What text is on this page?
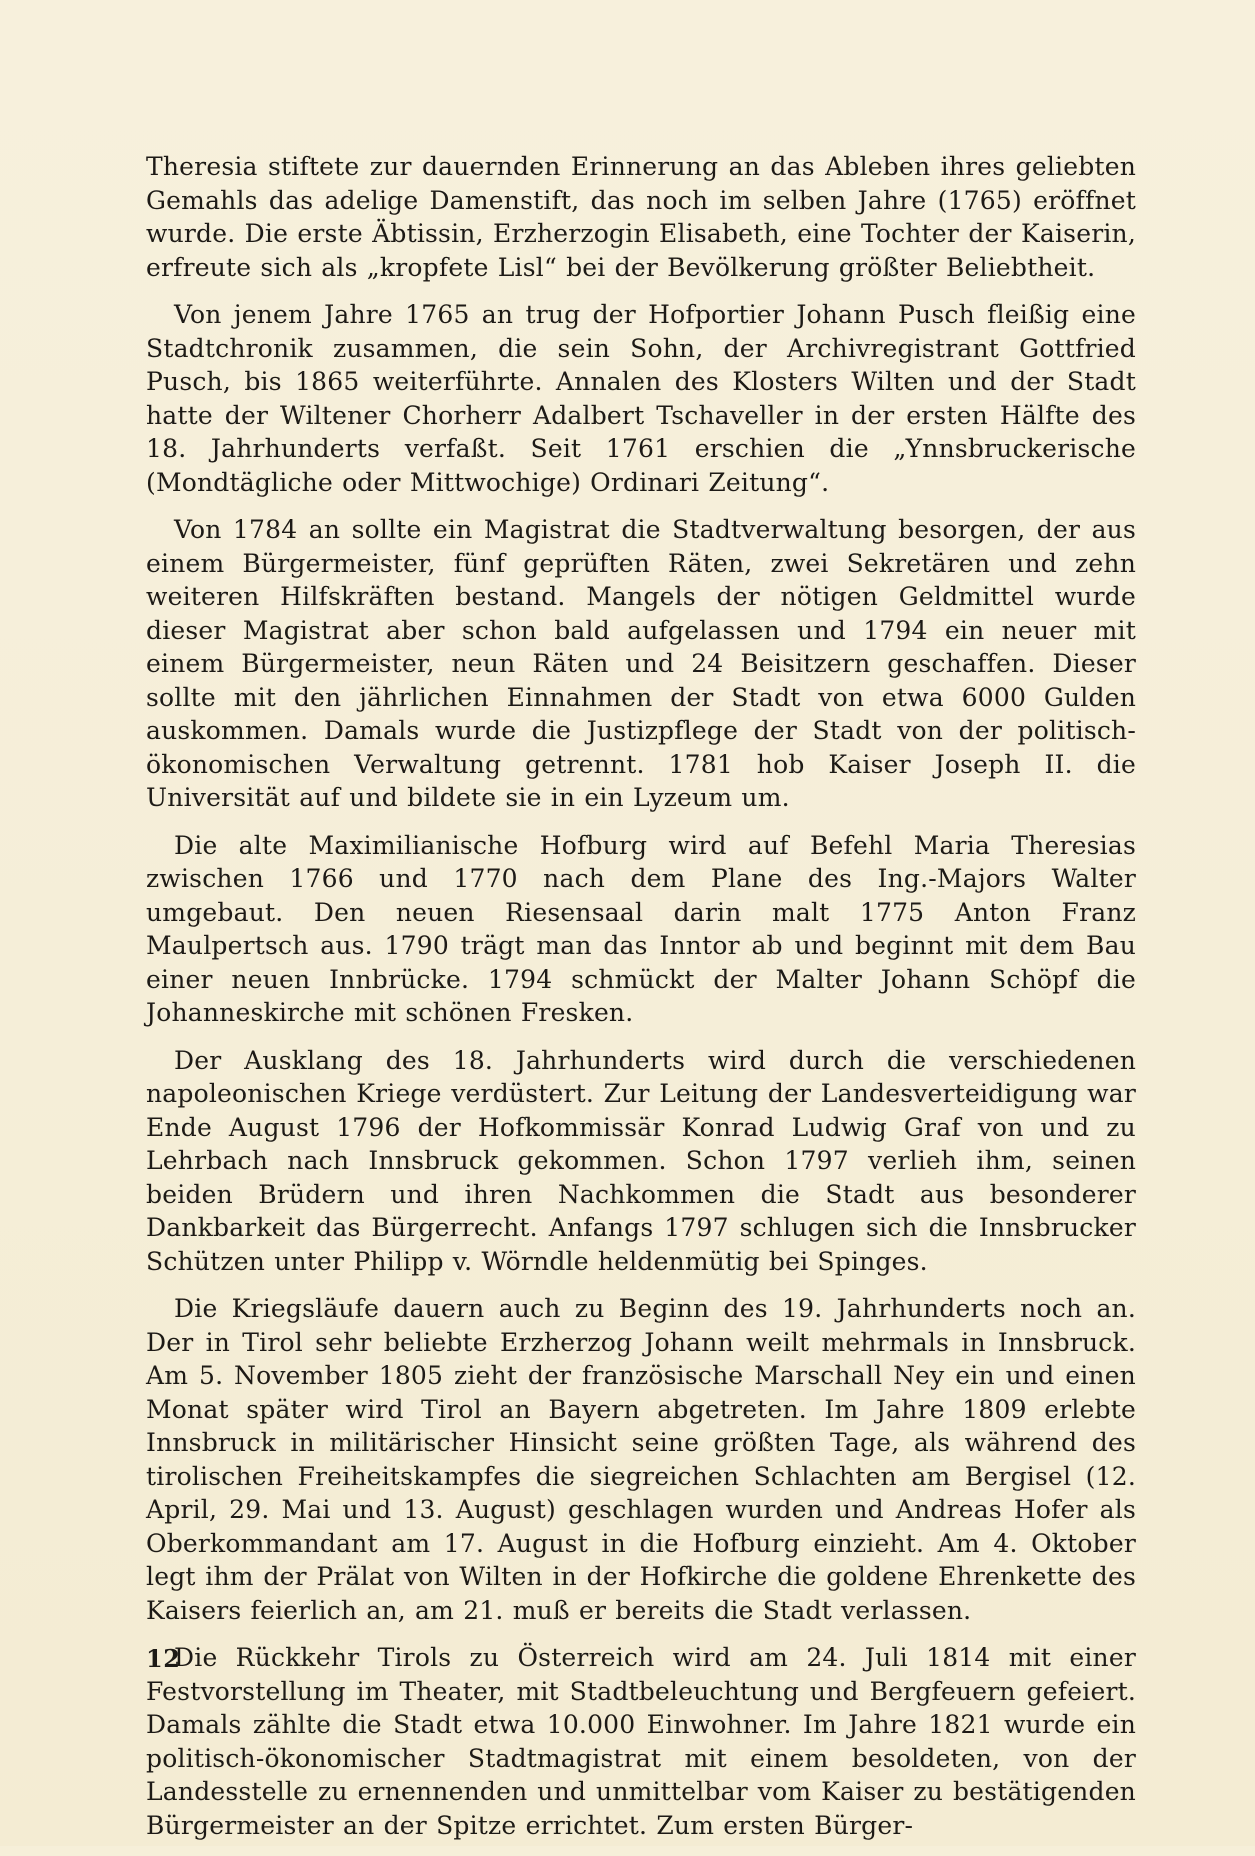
Theresia stiftete zur dauernden Erinnerung an das Ableben ihres geliebten Gemahls das adelige Damenstift, das noch im selben Jahre (1765) eröffnet wurde. Die erste Äbtissin, Erzherzogin Elisabeth, eine Tochter der Kaiserin, erfreute sich als „kropfete Lisl“ bei der Bevölkerung größter Beliebtheit.

Von jenem Jahre 1765 an trug der Hofportier Johann Pusch fleißig eine Stadtchronik zusammen, die sein Sohn, der Archivregistrant Gottfried Pusch, bis 1865 weiterführte. Annalen des Klosters Wilten und der Stadt hatte der Wiltener Chorherr Adalbert Tschaveller in der ersten Hälfte des 18. Jahrhunderts verfaßt. Seit 1761 erschien die „Ynnsbruckerische (Mondtägliche oder Mittwochige) Ordinari Zeitung“.

Von 1784 an sollte ein Magistrat die Stadtverwaltung besorgen, der aus einem Bürgermeister, fünf geprüften Räten, zwei Sekretären und zehn weiteren Hilfskräften bestand. Mangels der nötigen Geldmittel wurde dieser Magistrat aber schon bald aufgelassen und 1794 ein neuer mit einem Bürgermeister, neun Räten und 24 Beisitzern geschaffen. Dieser sollte mit den jährlichen Einnahmen der Stadt von etwa 6000 Gulden auskommen. Damals wurde die Justizpflege der Stadt von der politisch-ökonomischen Verwaltung getrennt. 1781 hob Kaiser Joseph II. die Universität auf und bildete sie in ein Lyzeum um.

Die alte Maximilianische Hofburg wird auf Befehl Maria Theresias zwischen 1766 und 1770 nach dem Plane des Ing.-Majors Walter umgebaut. Den neuen Riesensaal darin malt 1775 Anton Franz Maulpertsch aus. 1790 trägt man das Inntor ab und beginnt mit dem Bau einer neuen Innbrücke. 1794 schmückt der Malter Johann Schöpf die Johanneskirche mit schönen Fresken.

Der Ausklang des 18. Jahrhunderts wird durch die verschiedenen napoleonischen Kriege verdüstert. Zur Leitung der Landesverteidigung war Ende August 1796 der Hofkommissär Konrad Ludwig Graf von und zu Lehrbach nach Innsbruck gekommen. Schon 1797 verlieh ihm, seinen beiden Brüdern und ihren Nachkommen die Stadt aus besonderer Dankbarkeit das Bürgerrecht. Anfangs 1797 schlugen sich die Innsbrucker Schützen unter Philipp v. Wörndle heldenmütig bei Spinges.

Die Kriegsläufe dauern auch zu Beginn des 19. Jahrhunderts noch an. Der in Tirol sehr beliebte Erzherzog Johann weilt mehrmals in Innsbruck. Am 5. November 1805 zieht der französische Marschall Ney ein und einen Monat später wird Tirol an Bayern abgetreten. Im Jahre 1809 erlebte Innsbruck in militärischer Hinsicht seine größten Tage, als während des tirolischen Freiheitskampfes die siegreichen Schlachten am Bergisel (12. April, 29. Mai und 13. August) geschlagen wurden und Andreas Hofer als Oberkommandant am 17. August in die Hofburg einzieht. Am 4. Oktober legt ihm der Prälat von Wilten in der Hofkirche die goldene Ehrenkette des Kaisers feierlich an, am 21. muß er bereits die Stadt verlassen.

Die Rückkehr Tirols zu Österreich wird am 24. Juli 1814 mit einer Festvorstellung im Theater, mit Stadtbeleuchtung und Bergfeuern gefeiert. Damals zählte die Stadt etwa 10.000 Einwohner. Im Jahre 1821 wurde ein politisch-ökonomischer Stadtmagistrat mit einem besoldeten, von der Landesstelle zu ernennenden und unmittelbar vom Kaiser zu bestätigenden Bürgermeister an der Spitze errichtet. Zum ersten Bürger-

12
